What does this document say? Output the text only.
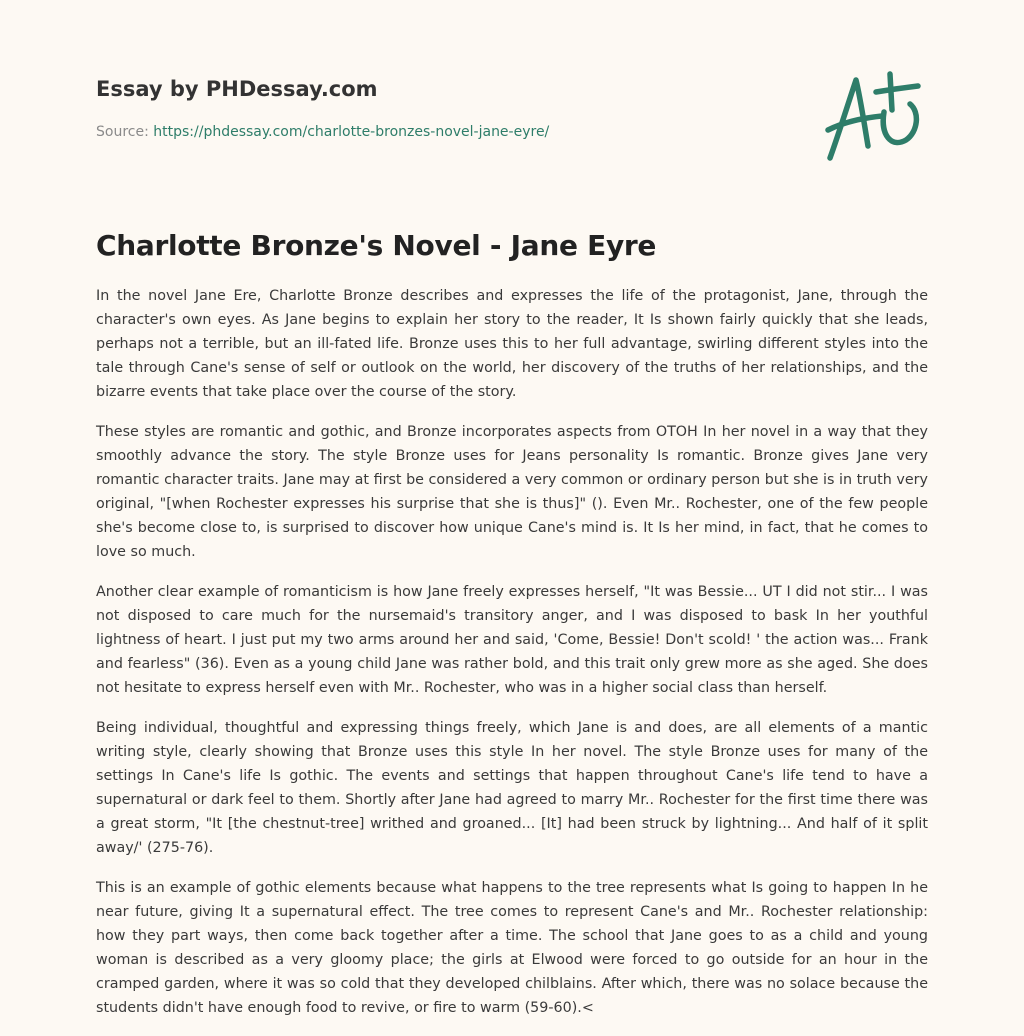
Essay by PHDessay.com
Source: https://phdessay.com/charlotte-bronzes-novel-jane-eyre/
Charlotte Bronze's Novel - Jane Eyre

In the novel Jane Ere, Charlotte Bronze describes and expresses the life of the protagonist, Jane, through the character's own eyes. As Jane begins to explain her story to the reader, It Is shown fairly quickly that she leads, perhaps not a terrible, but an ill-fated life. Bronze uses this to her full advantage, swirling different styles into the tale through Cane's sense of self or outlook on the world, her discovery of the truths of her relationships, and the bizarre events that take place over the course of the story.

These styles are romantic and gothic, and Bronze incorporates aspects from OTOH In her novel in a way that they smoothly advance the story. The style Bronze uses for Jeans personality Is romantic. Bronze gives Jane very romantic character traits. Jane may at first be considered a very common or ordinary person but she is in truth very original, "[when Rochester expresses his surprise that she is thus]" (). Even Mr.. Rochester, one of the few people she's become close to, is surprised to discover how unique Cane's mind is. It Is her mind, in fact, that he comes to love so much.

Another clear example of romanticism is how Jane freely expresses herself, "It was Bessie... UT I did not stir... I was not disposed to care much for the nursemaid's transitory anger, and I was disposed to bask In her youthful lightness of heart. I just put my two arms around her and said, 'Come, Bessie! Don't scold! ' the action was... Frank and fearless" (36). Even as a young child Jane was rather bold, and this trait only grew more as she aged. She does not hesitate to express herself even with Mr.. Rochester, who was in a higher social class than herself.

Being individual, thoughtful and expressing things freely, which Jane is and does, are all elements of a mantic writing style, clearly showing that Bronze uses this style In her novel. The style Bronze uses for many of the settings In Cane's life Is gothic. The events and settings that happen throughout Cane's life tend to have a supernatural or dark feel to them. Shortly after Jane had agreed to marry Mr.. Rochester for the first time there was a great storm, "It [the chestnut-tree] writhed and groaned... [It] had been struck by lightning... And half of it split away/' (275-76).

This is an example of gothic elements because what happens to the tree represents what Is going to happen In he near future, giving It a supernatural effect. The tree comes to represent Cane's and Mr.. Rochester relationship: how they part ways, then come back together after a time. The school that Jane goes to as a child and young woman is described as a very gloomy place; the girls at Elwood were forced to go outside for an hour in the cramped garden, where it was so cold that they developed chilblains. After which, there was no solace because the students didn't have enough food to revive, or fire to warm (59-60).<
